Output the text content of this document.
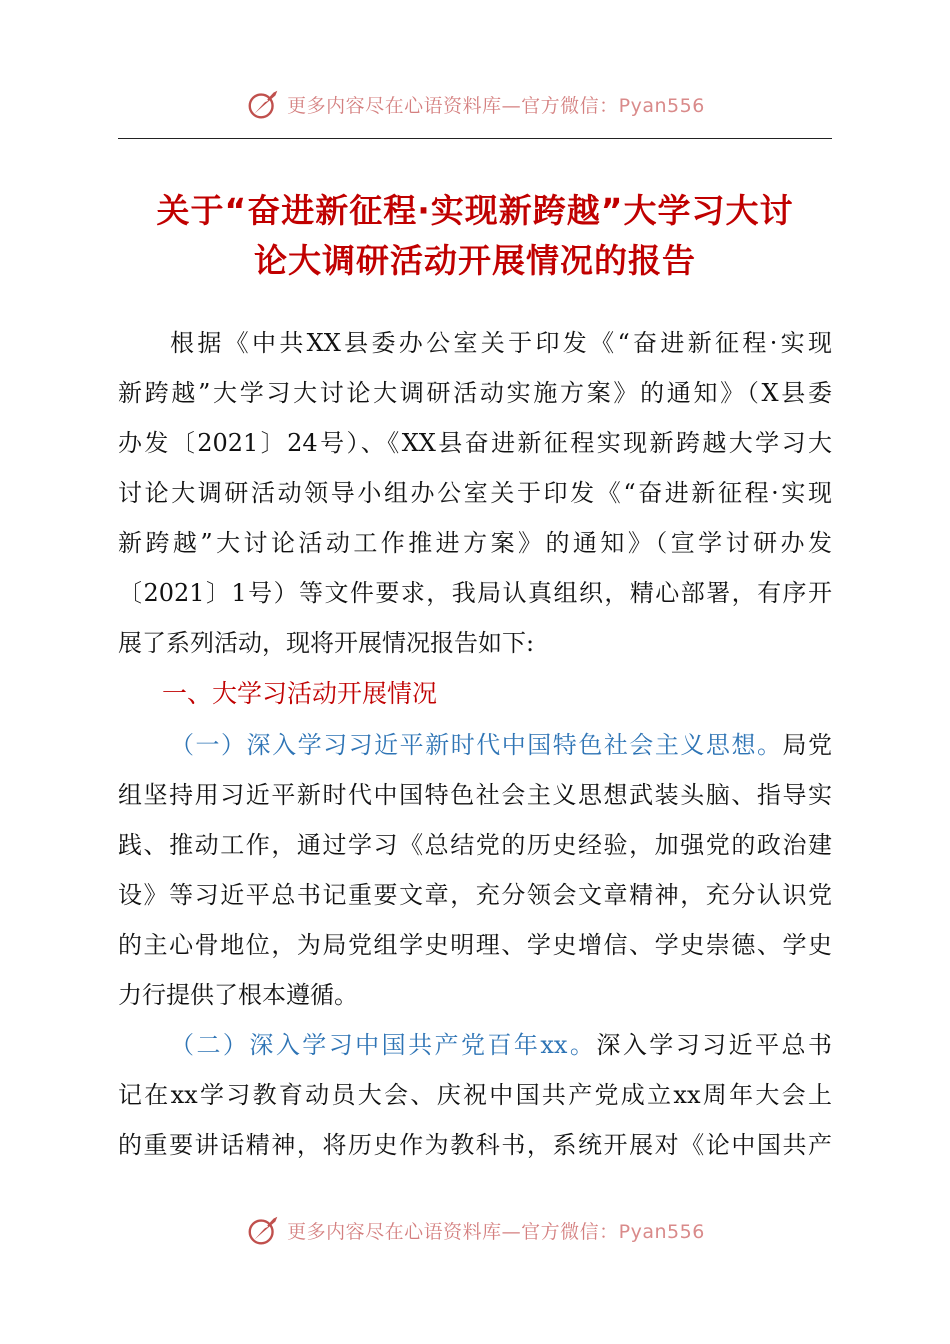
更多内容尽在心语资料库—官方微信：Pyan556
关于“奋进新征程·实现新跨越”大学习大讨
论大调研活动开展情况的报告
根据《中共XX县委办公室关于印发《“奋进新征程·实现
新跨越”大学习大讨论大调研活动实施方案》的通知》（X县委
办发〔2021〕24号）、《XX县奋进新征程实现新跨越大学习大
讨论大调研活动领导小组办公室关于印发《“奋进新征程·实现
新跨越”大讨论活动工作推进方案》的通知》（宣学讨研办发
〔2021〕1号）等文件要求，我局认真组织，精心部署，有序开
展了系列活动，现将开展情况报告如下:
一、大学习活动开展情况
（一）深入学习习近平新时代中国特色社会主义思想。局党
组坚持用习近平新时代中国特色社会主义思想武装头脑、指导实
践、推动工作，通过学习《总结党的历史经验，加强党的政治建
设》等习近平总书记重要文章，充分领会文章精神，充分认识党
的主心骨地位，为局党组学史明理、学史增信、学史崇德、学史
力行提供了根本遵循。
（二）深入学习中国共产党百年xx。深入学习习近平总书
记在xx学习教育动员大会、庆祝中国共产党成立xx周年大会上
的重要讲话精神，将历史作为教科书，系统开展对《论中国共产
更多内容尽在心语资料库—官方微信：Pyan556
